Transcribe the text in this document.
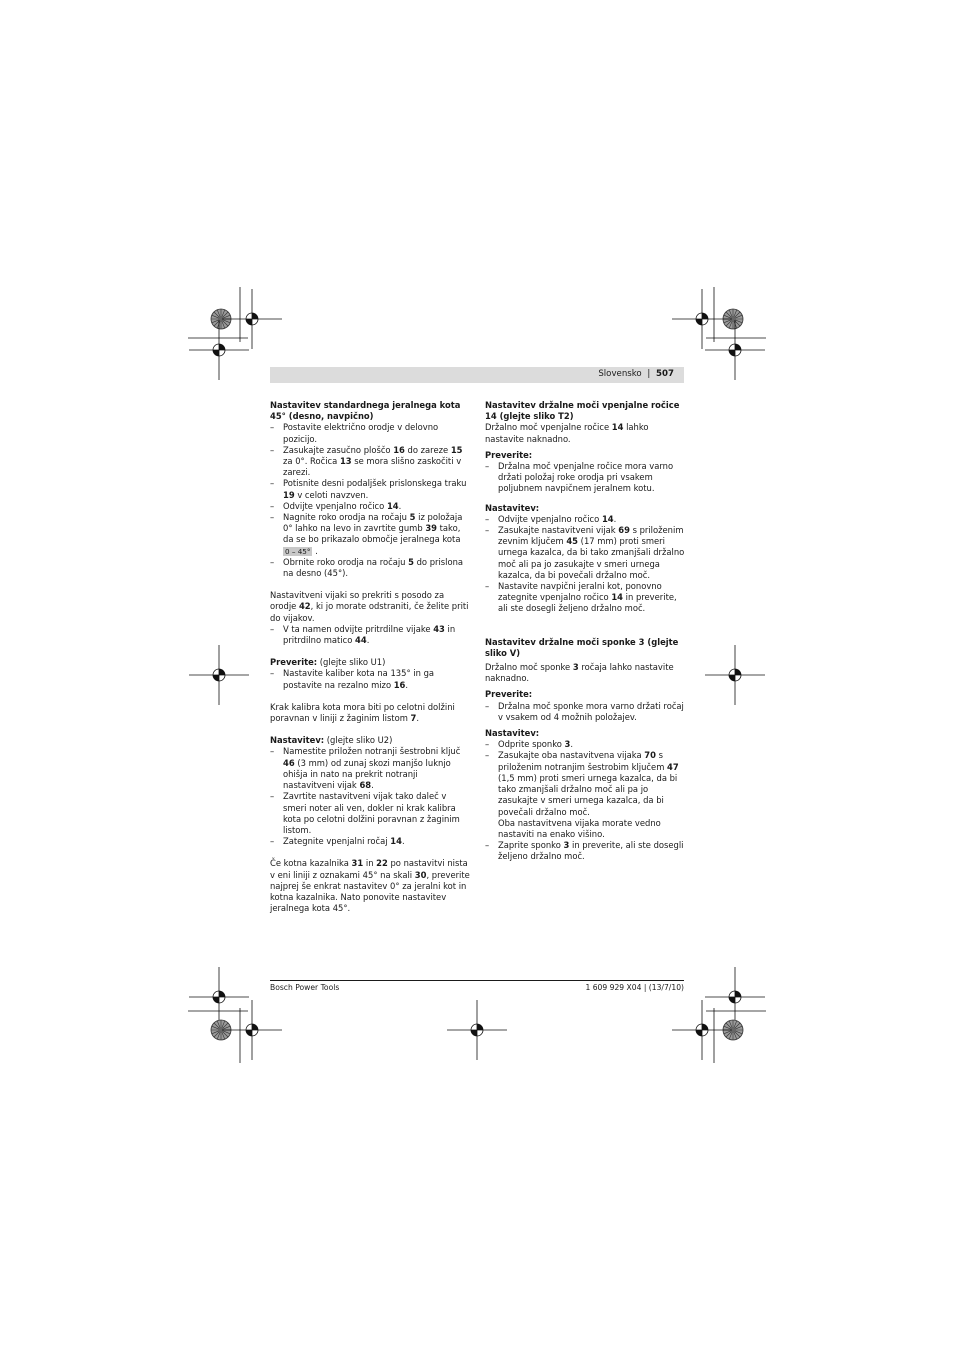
Slovensko | 507

Nastavitev standardnega jeralnega kota 45° (desno, navpično)

– Postavite električno orodje v delovno pozicijo.
– Zasukajte zasučno ploščo 16 do zareze 15 za 0°. Ročica 13 se mora slišno zaskočiti v zarezi.
– Potisnite desni podaljšek prislonskega traku 19 v celoti navzven.
– Odvijte vpenjalno ročico 14.
– Nagnite roko orodja na ročaju 5 iz položaja 0° lahko na levo in zavrtite gumb 39 tako, da se bo prikazalo območje jeralnega kota 0 – 45° .
– Obrnite roko orodja na ročaju 5 do prislona na desno (45°).

Nastavitveni vijaki so prekriti s posodo za orodje 42, ki jo morate odstraniti, če želite priti do vijakov.

– V ta namen odvijte pritrdilne vijake 43 in pritrdilno matico 44.

Preverite: (glejte sliko U1)

– Nastavite kaliber kota na 135° in ga postavite na rezalno mizo 16.

Krak kalibra kota mora biti po celotni dolžini poravnan v liniji z žaginim listom 7.

Nastavitev: (glejte sliko U2)

– Namestite priložen notranji šestrobni ključ 46 (3 mm) od zunaj skozi manjšo luknjo ohišja in nato na prekrit notranji nastavitveni vijak 68.
– Zavrtite nastavitveni vijak tako daleč v smeri noter ali ven, dokler ni krak kalibra kota po celotni dolžini poravnan z žaginim listom.
– Zategnite vpenjalni ročaj 14.

Če kotna kazalnika 31 in 22 po nastavitvi nista v eni liniji z oznakami 45° na skali 30, preverite najprej še enkrat nastavitev 0° za jeralni kot in kotna kazalnika. Nato ponovite nastavitev jeralnega kota 45°.

Nastavitev držalne moči vpenjalne ročice 14 (glejte sliko T2)

Držalno moč vpenjalne ročice 14 lahko nastavite naknadno.

Preverite:

– Držalna moč vpenjalne ročice mora varno držati položaj roke orodja pri vsakem poljubnem navpičnem jeralnem kotu.

Nastavitev:

– Odvijte vpenjalno ročico 14.
– Zasukajte nastavitveni vijak 69 s priloženim zevnim ključem 45 (17 mm) proti smeri urnega kazalca, da bi tako zmanjšali držalno moč ali pa jo zasukajte v smeri urnega kazalca, da bi povečali držalno moč.
– Nastavite navpični jeralni kot, ponovno zategnite vpenjalno ročico 14 in preverite, ali ste dosegli željeno držalno moč.

Nastavitev držalne moči sponke 3 (glejte sliko V)

Držalno moč sponke 3 ročaja lahko nastavite naknadno.

Preverite:

– Držalna moč sponke mora varno držati ročaj v vsakem od 4 možnih položajev.

Nastavitev:

– Odprite sponko 3.
– Zasukajte oba nastavitvena vijaka 70 s priloženim notranjim šestrobim ključem 47 (1,5 mm) proti smeri urnega kazalca, da bi tako zmanjšali držalno moč ali pa jo zasukajte v smeri urnega kazalca, da bi povečali držalno moč.
Oba nastavitvena vijaka morate vedno nastaviti na enako višino.
– Zaprite sponko 3 in preverite, ali ste dosegli željeno držalno moč.
Bosch Power Tools	1 609 929 X04 | (13/7/10)
